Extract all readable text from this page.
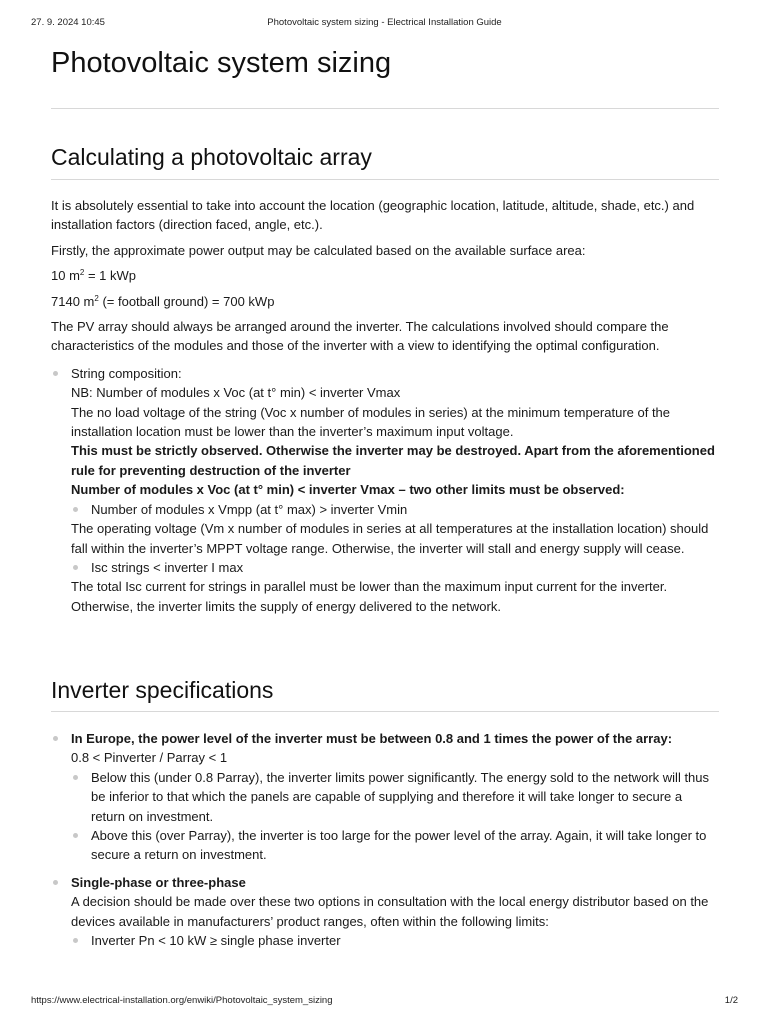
27. 9. 2024 10:45	Photovoltaic system sizing - Electrical Installation Guide
Photovoltaic system sizing
Calculating a photovoltaic array

It is absolutely essential to take into account the location (geographic location, latitude, altitude, shade, etc.) and installation factors (direction faced, angle, etc.).

Firstly, the approximate power output may be calculated based on the available surface area:

10 $m^2 = 1$ kWp

7140 $m^2$ (= football ground) = 700 kWp

The PV array should always be arranged around the inverter. The calculations involved should compare the characteristics of the modules and those of the inverter with a view to identifying the optimal configuration.

String composition:
NB: Number of modules x Voc (at t° min) < inverter Vmax
The no load voltage of the string (Voc x number of modules in series) at the minimum temperature of the installation location must be lower than the inverter’s maximum input voltage.
This must be strictly observed. Otherwise the inverter may be destroyed. Apart from the aforementioned rule for preventing destruction of the inverter
Number of modules x Voc (at t° min) < inverter Vmax – two other limits must be observed:
Number of modules x Vmpp (at t° max) > inverter Vmin
The operating voltage (Vm x number of modules in series at all temperatures at the installation location) should fall within the inverter’s MPPT voltage range. Otherwise, the inverter will stall and energy supply will cease.
Isc strings < inverter I max
The total Isc current for strings in parallel must be lower than the maximum input current for the inverter. Otherwise, the inverter limits the supply of energy delivered to the network.
Inverter specifications
In Europe, the power level of the inverter must be between 0.8 and 1 times the power of the array:
0.8 < Pinverter / Parray < 1
Below this (under 0.8 Parray), the inverter limits power significantly. The energy sold to the network will thus be inferior to that which the panels are capable of supplying and therefore it will take longer to secure a return on investment.
Above this (over Parray), the inverter is too large for the power level of the array. Again, it will take longer to secure a return on investment.
Single-phase or three-phase
A decision should be made over these two options in consultation with the local energy distributor based on the devices available in manufacturers’ product ranges, often within the following limits:
Inverter Pn < 10 kW ≥ single phase inverter
https://www.electrical-installation.org/enwiki/Photovoltaic_system_sizing	1/2
